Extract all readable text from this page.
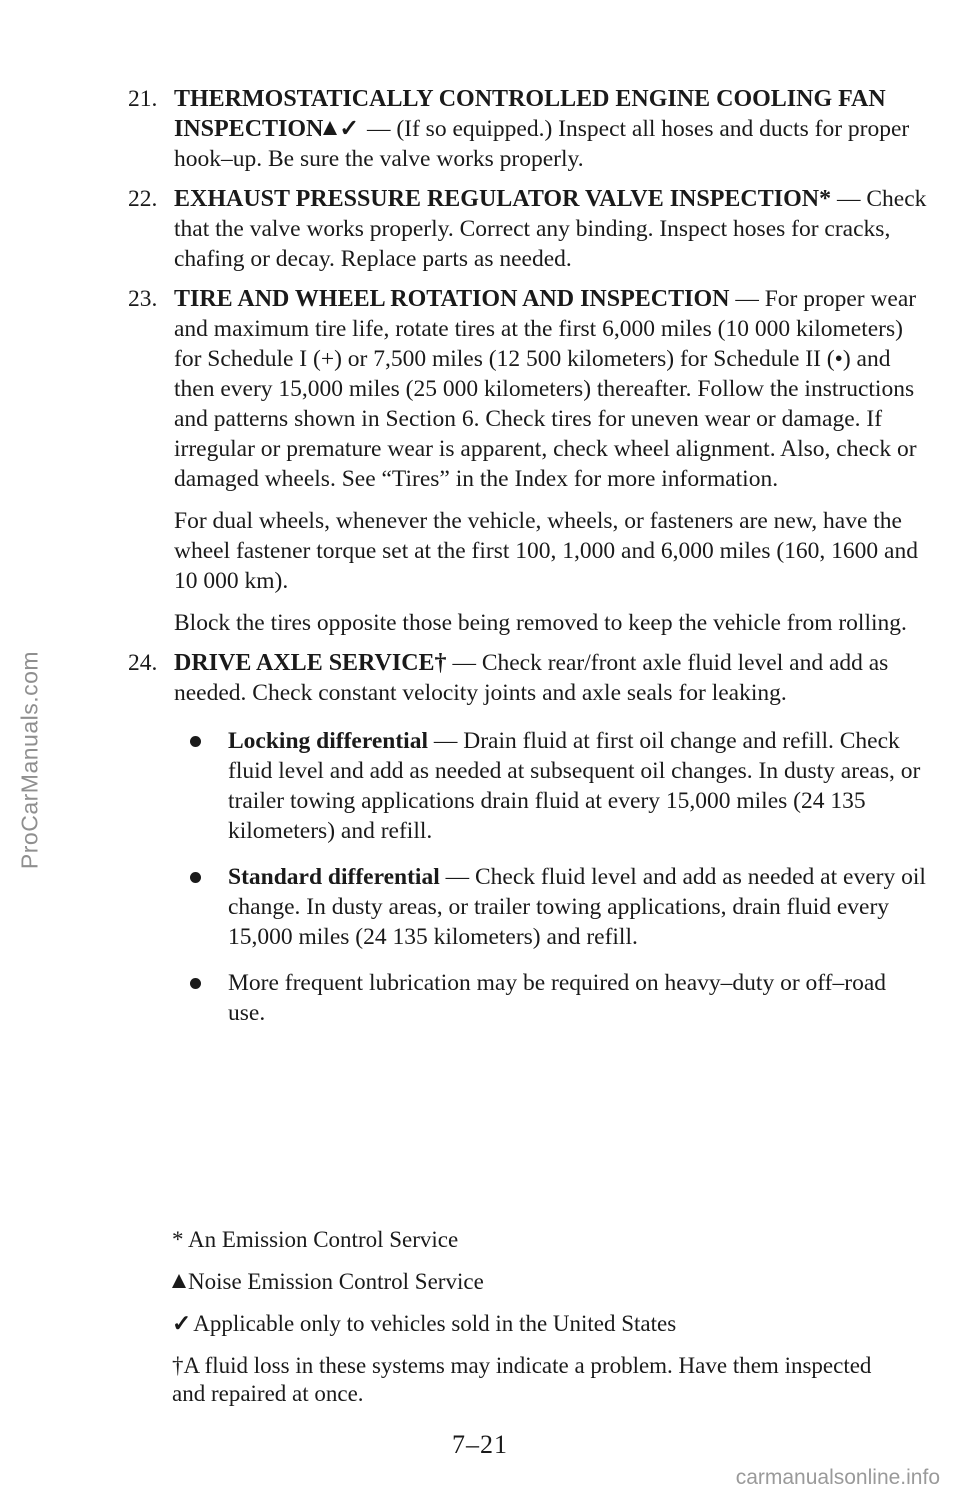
ProCarManuals.com
21. THERMOSTATICALLY CONTROLLED ENGINE COOLING FAN INSPECTION ✓ — (If so equipped.) Inspect all hoses and ducts for proper hook–up. Be sure the valve works properly.
22. EXHAUST PRESSURE REGULATOR VALVE INSPECTION* — Check that the valve works properly. Correct any binding. Inspect hoses for cracks, chafing or decay. Replace parts as needed.
23. TIRE AND WHEEL ROTATION AND INSPECTION — For proper wear and maximum tire life, rotate tires at the first 6,000 miles (10 000 kilometers) for Schedule I (+) or 7,500 miles (12 500 kilometers) for Schedule II (•) and then every 15,000 miles (25 000 kilometers) thereafter. Follow the instructions and patterns shown in Section 6. Check tires for uneven wear or damage. If irregular or premature wear is apparent, check wheel alignment. Also, check or damaged wheels. See “Tires” in the Index for more information.

For dual wheels, whenever the vehicle, wheels, or fasteners are new, have the wheel fastener torque set at the first 100, 1,000 and 6,000 miles (160, 1600 and 10 000 km).

Block the tires opposite those being removed to keep the vehicle from rolling.

24. DRIVE AXLE SERVICE† — Check rear/front axle fluid level and add as needed. Check constant velocity joints and axle seals for leaking.
Locking differential — Drain fluid at first oil change and refill. Check fluid level and add as needed at subsequent oil changes. In dusty areas, or trailer towing applications drain fluid at every 15,000 miles (24 135 kilometers) and refill.
Standard differential — Check fluid level and add as needed at every oil change. In dusty areas, or trailer towing applications, drain fluid every 15,000 miles (24 135 kilometers) and refill.
More frequent lubrication may be required on heavy–duty or off–road use.

* An Emission Control Service

Noise Emission Control Service

✓Applicable only to vehicles sold in the United States

†A fluid loss in these systems may indicate a problem. Have them inspected and repaired at once.

7–21
carmanualsonline.info
